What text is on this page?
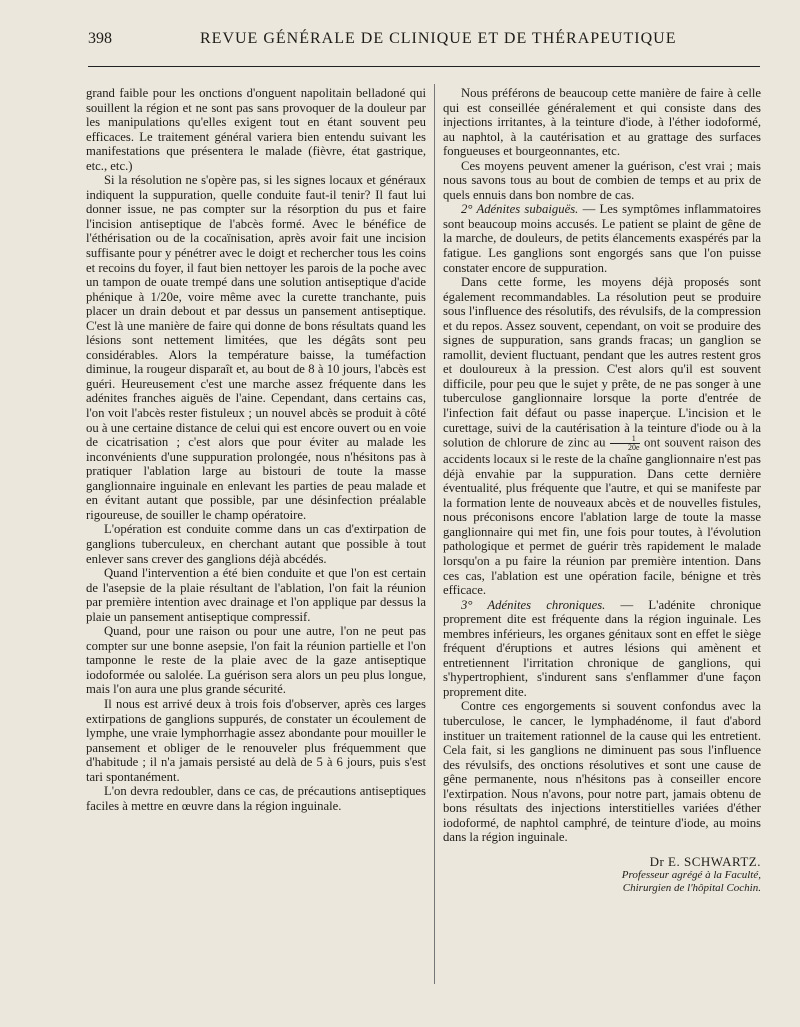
398	REVUE GÉNÉRALE DE CLINIQUE ET DE THÉRAPEUTIQUE

grand faible pour les onctions d'onguent napolitain belladoné qui souillent la région et ne sont pas sans provoquer de la douleur par les manipulations qu'elles exigent tout en étant souvent peu efficaces. Le traitement général variera bien entendu suivant les manifestations que présentera le malade (fièvre, état gastrique, etc., etc.)

Si la résolution ne s'opère pas, si les signes locaux et généraux indiquent la suppuration, quelle conduite faut-il tenir? Il faut lui donner issue, ne pas compter sur la résorption du pus et faire l'incision antiseptique de l'abcès formé. Avec le bénéfice de l'éthérisation ou de la cocaïnisation, après avoir fait une incision suffisante pour y pénétrer avec le doigt et rechercher tous les coins et recoins du foyer, il faut bien nettoyer les parois de la poche avec un tampon de ouate trempé dans une solution antiseptique d'acide phénique à 1/20e, voire même avec la curette tranchante, puis placer un drain debout et par dessus un pansement antiseptique. C'est là une manière de faire qui donne de bons résultats quand les lésions sont nettement limitées, que les dégâts sont peu considérables. Alors la température baisse, la tuméfaction diminue, la rougeur disparaît et, au bout de 8 à 10 jours, l'abcès est guéri. Heureusement c'est une marche assez fréquente dans les adénites franches aiguës de l'aine. Cependant, dans certains cas, l'on voit l'abcès rester fistuleux ; un nouvel abcès se produit à côté ou à une certaine distance de celui qui est encore ouvert ou en voie de cicatrisation ; c'est alors que pour éviter au malade les inconvénients d'une suppuration prolongée, nous n'hésitons pas à pratiquer l'ablation large au bistouri de toute la masse ganglionnaire inguinale en enlevant les parties de peau malade et en évitant autant que possible, par une désinfection préalable rigoureuse, de souiller le champ opératoire.

L'opération est conduite comme dans un cas d'extirpation de ganglions tuberculeux, en cherchant autant que possible à tout enlever sans crever des ganglions déjà abcédés.

Quand l'intervention a été bien conduite et que l'on est certain de l'asepsie de la plaie résultant de l'ablation, l'on fait la réunion par première intention avec drainage et l'on applique par dessus la plaie un pansement antiseptique compressif.

Quand, pour une raison ou pour une autre, l'on ne peut pas compter sur une bonne asepsie, l'on fait la réunion partielle et l'on tamponne le reste de la plaie avec de la gaze antiseptique iodoformée ou salolée. La guérison sera alors un peu plus longue, mais l'on aura une plus grande sécurité.

Il nous est arrivé deux à trois fois d'observer, après ces larges extirpations de ganglions suppurés, de constater un écoulement de lymphe, une vraie lymphorrhagie assez abondante pour mouiller le pansement et obliger de le renouveler plus fréquemment que d'habitude ; il n'a jamais persisté au delà de 5 à 6 jours, puis s'est tari spontanément.

L'on devra redoubler, dans ce cas, de précautions antiseptiques faciles à mettre en œuvre dans la région inguinale.

Nous préférons de beaucoup cette manière de faire à celle qui est conseillée généralement et qui consiste dans des injections irritantes, à la teinture d'iode, à l'éther iodoformé, au naphtol, à la cautérisation et au grattage des surfaces fongueuses et bourgeonnantes, etc.

Ces moyens peuvent amener la guérison, c'est vrai ; mais nous savons tous au bout de combien de temps et au prix de quels ennuis dans bon nombre de cas.

2° Adénites subaiguës. — Les symptômes inflammatoires sont beaucoup moins accusés. Le patient se plaint de gêne de la marche, de douleurs, de petits élancements exaspérés par la fatigue. Les ganglions sont engorgés sans que l'on puisse constater encore de suppuration.

Dans cette forme, les moyens déjà proposés sont également recommandables. La résolution peut se produire sous l'influence des résolutifs, des révulsifs, de la compression et du repos. Assez souvent, cependant, on voit se produire des signes de suppuration, sans grands fracas; un ganglion se ramollit, devient fluctuant, pendant que les autres restent gros et douloureux à la pression. C'est alors qu'il est souvent difficile, pour peu que le sujet y prête, de ne pas songer à une tuberculose ganglionnaire lorsque la porte d'entrée de l'infection fait défaut ou passe inaperçue. L'incision et le curettage, suivi de la cautérisation à la teinture d'iode ou à la solution de chlorure de zinc au $\frac{1}{20e}$ ont souvent raison des accidents locaux si le reste de la chaîne ganglionnaire n'est pas déjà envahie par la suppuration. Dans cette dernière éventualité, plus fréquente que l'autre, et qui se manifeste par la formation lente de nouveaux abcès et de nouvelles fistules, nous préconisons encore l'ablation large de toute la masse ganglionnaire qui met fin, une fois pour toutes, à l'évolution pathologique et permet de guérir très rapidement le malade lorsqu'on a pu faire la réunion par première intention. Dans ces cas, l'ablation est une opération facile, bénigne et très efficace.

3° Adénites chroniques. — L'adénite chronique proprement dite est fréquente dans la région inguinale. Les membres inférieurs, les organes génitaux sont en effet le siège fréquent d'éruptions et autres lésions qui amènent et entretiennent l'irritation chronique de ganglions, qui s'hypertrophient, s'indurent sans s'enflammer d'une façon proprement dite.

Contre ces engorgements si souvent confondus avec la tuberculose, le cancer, le lymphadénome, il faut d'abord instituer un traitement rationnel de la cause qui les entretient. Cela fait, si les ganglions ne diminuent pas sous l'influence des révulsifs, des onctions résolutives et sont une cause de gêne permanente, nous n'hésitons pas à conseiller encore l'extirpation. Nous n'avons, pour notre part, jamais obtenu de bons résultats des injections interstitielles variées d'éther iodoformé, de naphtol camphré, de teinture d'iode, au moins dans la région inguinale.

Dr E. SCHWARTZ.
Professeur agrégé à la Faculté,
Chirurgien de l'hôpital Cochin.
